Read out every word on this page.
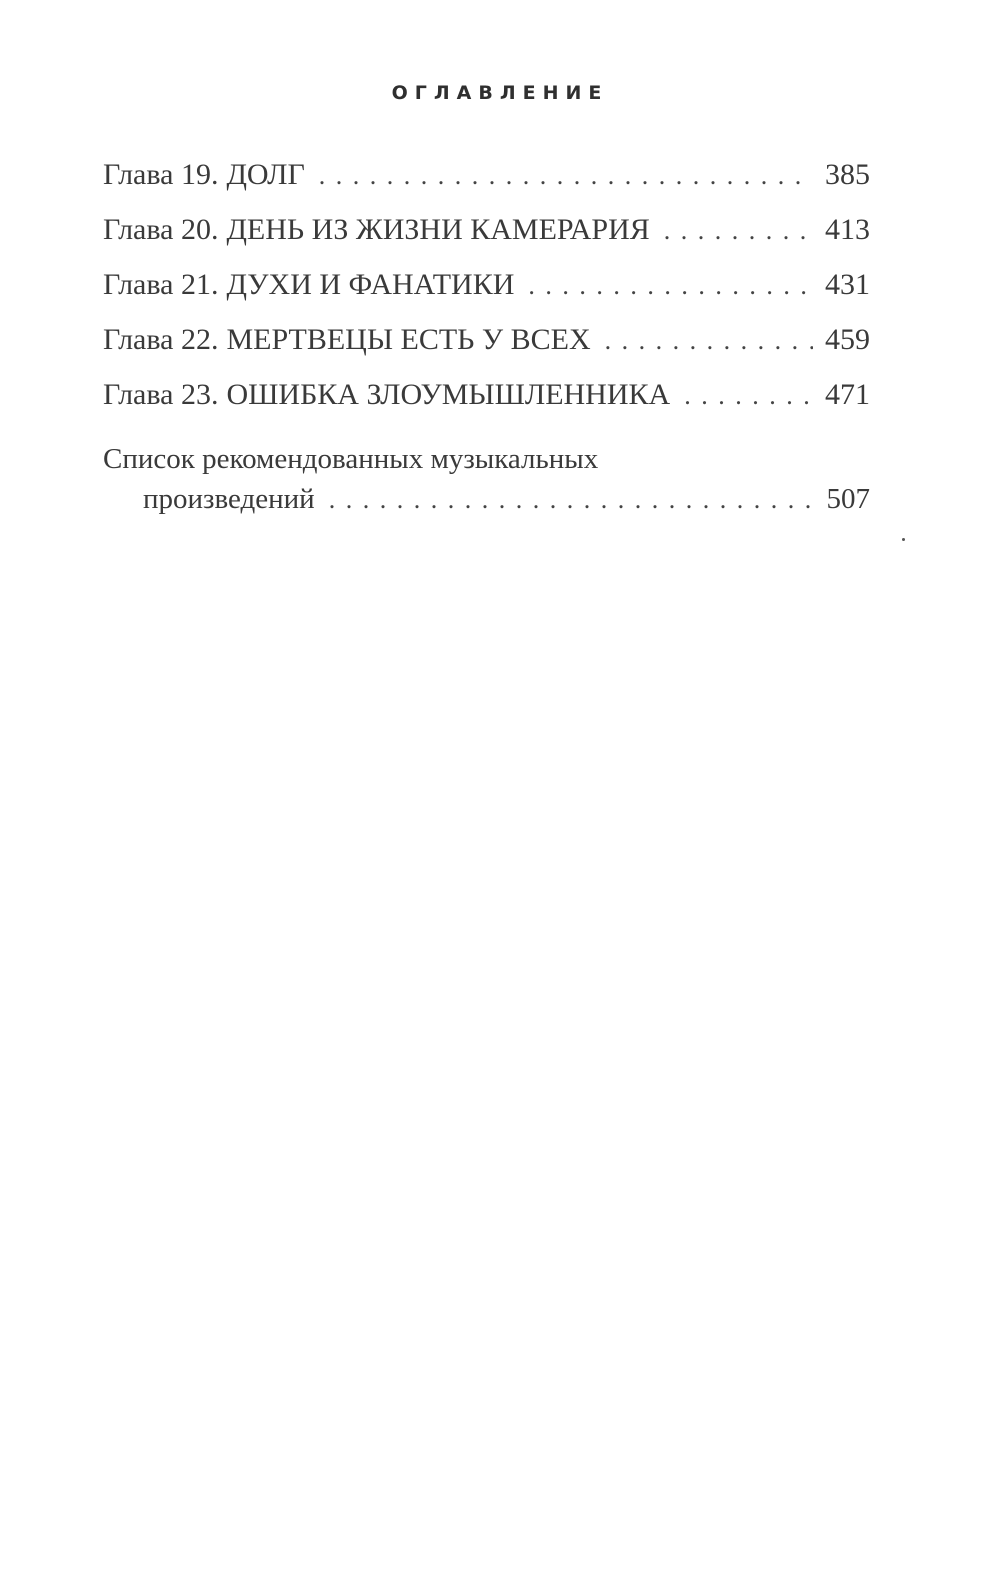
ОГЛАВЛЕНИЕ
Глава 19. ДОЛГ . . .	385
Глава 20. ДЕНЬ ИЗ ЖИЗНИ КАМЕРАРИЯ . . .	413
Глава 21. ДУХИ И ФАНАТИКИ . . .	431
Глава 22. МЕРТВЕЦЫ ЕСТЬ У ВСЕХ . . .	459
Глава 23. ОШИБКА ЗЛОУМЫШЛЕННИКА . . .	471
Список рекомендованных музыкальных
произведений . . .	507
